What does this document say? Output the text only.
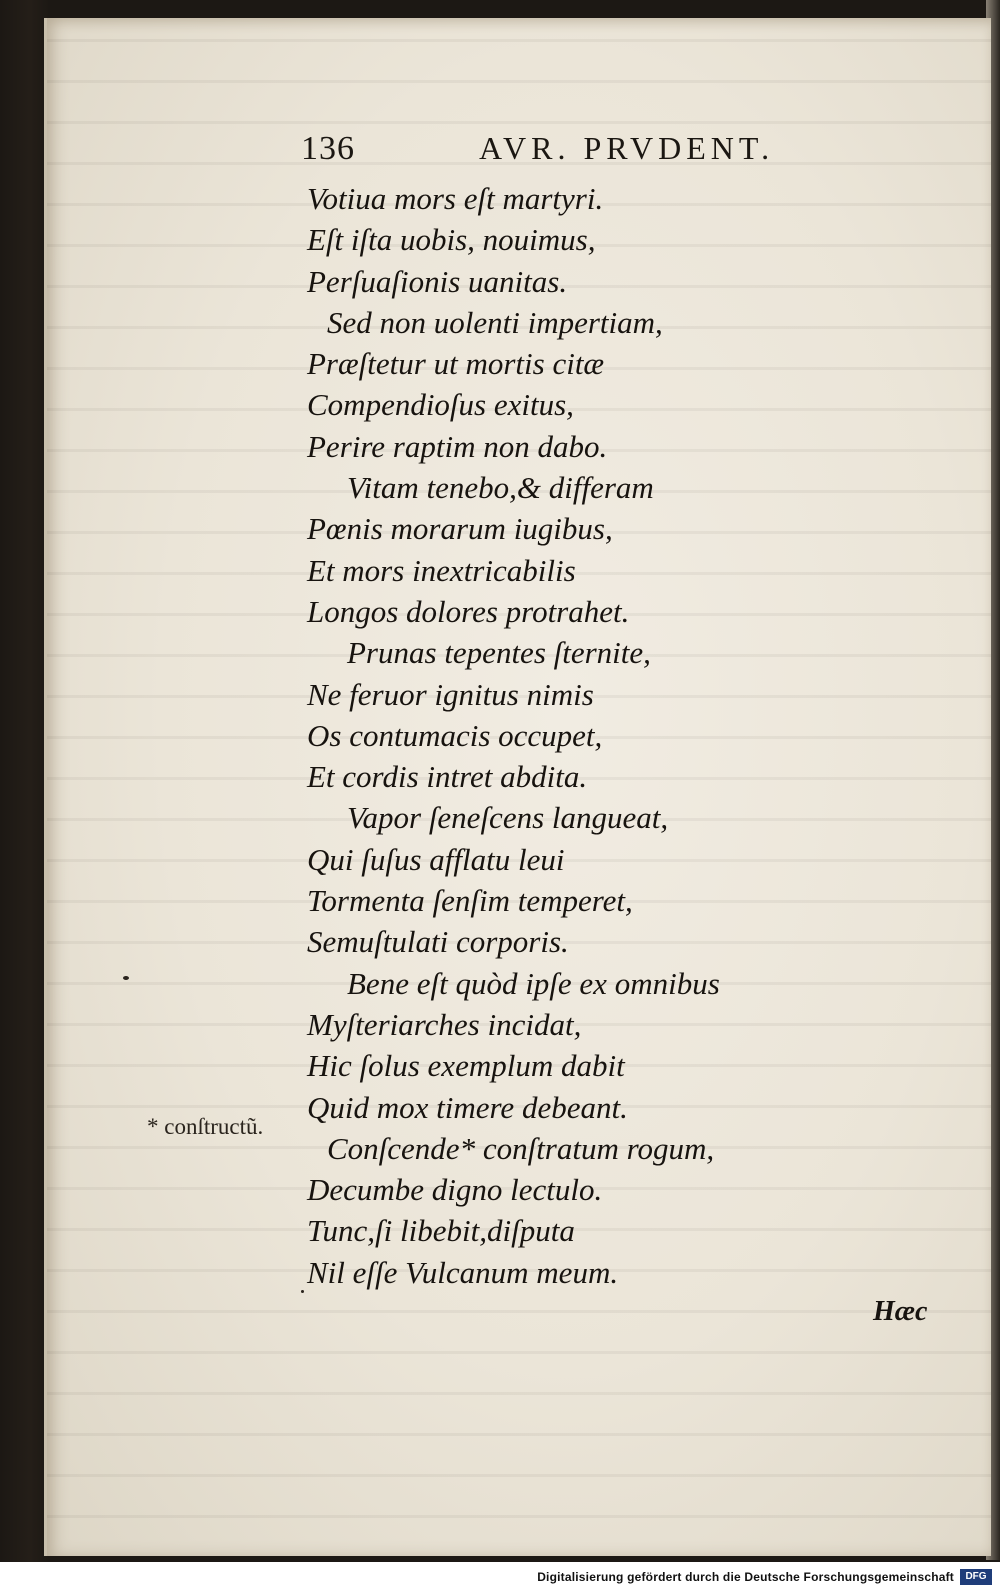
136	AVR. PRVDENT.
Votiua mors eſt martyri.
Eſt iſta uobis, nouimus,
Perſuaſionis uanitas.
Sed non uolenti impertiam,
Præſtetur ut mortis citæ
Compendioſus exitus,
Perire raptim non dabo.
Vitam tenebo,& differam
Pœnis morarum iugibus,
Et mors inextricabilis
Longos dolores protrahet.
Prunas tepentes ſternite,
Ne feruor ignitus nimis
Os contumacis occupet,
Et cordis intret abdita.
Vapor ſeneſcens langueat,
Qui ſuſus afflatu leui
Tormenta ſenſim temperet,
Semuſtulati corporis.
Bene eſt quòd ipſe ex omnibus
Myſteriarches incidat,
Hic ſolus exemplum dabit
Quid mox timere debeant.
Conſcende* conſtratum rogum,
Decumbe digno lectulo.
Tunc,ſi libebit,diſputa
Nil eſſe Vulcanum meum.
* conſtructũ.
Hæc
Digitalisierung gefördert durch die Deutsche Forschungsgemeinschaft	DFG
